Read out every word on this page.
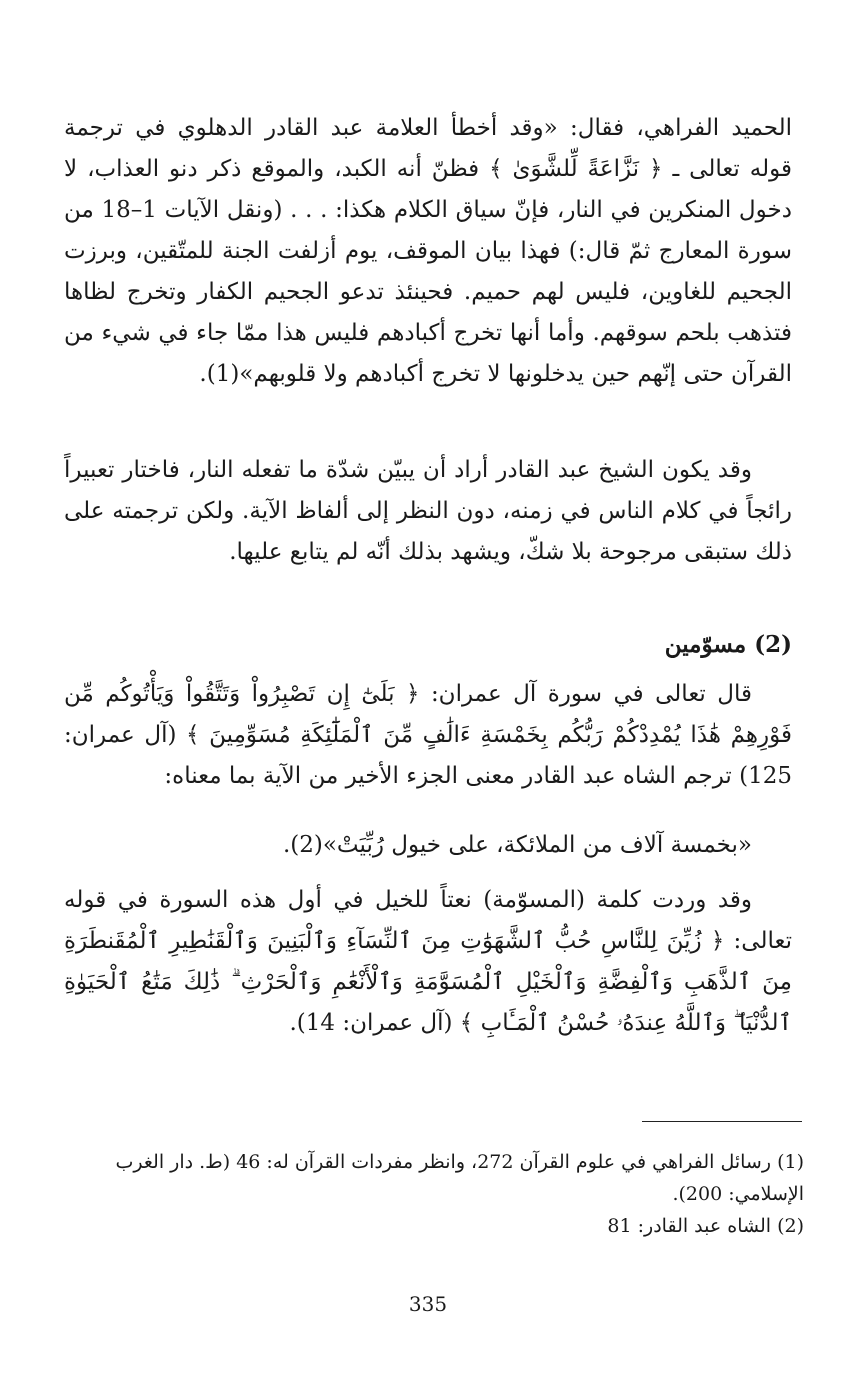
الحميد الفراهي، فقال: «وقد أخطأ العلامة عبد القادر الدهلوي في ترجمة قوله تعالى ـ ﴿ نَزَّاعَةً لِّلشَّوَىٰ ﴾ فظنّ أنه الكبد، والموقع ذكر دنو العذاب، لا دخول المنكرين في النار، فإنّ سياق الكلام هكذا: . . . (ونقل الآيات 1–18 من سورة المعارج ثمّ قال:) فهذا بيان الموقف، يوم أزلفت الجنة للمتّقين، وبرزت الجحيم للغاوين، فليس لهم حميم. فحينئذ تدعو الجحيم الكفار وتخرج لظاها فتذهب بلحم سوقهم. وأما أنها تخرج أكبادهم فليس هذا ممّا جاء في شيء من القرآن حتى إنّهم حين يدخلونها لا تخرج أكبادهم ولا قلوبهم»(1).

وقد يكون الشيخ عبد القادر أراد أن يبيّن شدّة ما تفعله النار، فاختار تعبيراً رائجاً في كلام الناس في زمنه، دون النظر إلى ألفاظ الآية. ولكن ترجمته على ذلك ستبقى مرجوحة بلا شكّ، ويشهد بذلك أنّه لم يتابع عليها.

(2) مسوّمين

قال تعالى في سورة آل عمران: ﴿ بَلَىٰٓ إِن تَصْبِرُواْ وَتَتَّقُواْ وَيَأْتُوكُم مِّن فَوْرِهِمْ هَٰذَا يُمْدِدْكُمْ رَبُّكُم بِخَمْسَةِ ءَالَٰفٍ مِّنَ ٱلْمَلَٰٓئِكَةِ مُسَوِّمِينَ ﴾ (آل عمران: 125) ترجم الشاه عبد القادر معنى الجزء الأخير من الآية بما معناه:

«بخمسة آلاف من الملائكة، على خيول رُبِّيَتْ»(2).

وقد وردت كلمة (المسوّمة) نعتاً للخيل في أول هذه السورة في قوله تعالى: ﴿ زُيِّنَ لِلنَّاسِ حُبُّ ٱلشَّهَوَٰتِ مِنَ ٱلنِّسَآءِ وَٱلْبَنِينَ وَٱلْقَنَٰطِيرِ ٱلْمُقَنطَرَةِ مِنَ ٱلذَّهَبِ وَٱلْفِضَّةِ وَٱلْخَيْلِ ٱلْمُسَوَّمَةِ وَٱلْأَنْعَٰمِ وَٱلْحَرْثِ ۗ ذَٰلِكَ مَتَٰعُ ٱلْحَيَوٰةِ ٱلدُّنْيَا ۖ وَٱللَّهُ عِندَهُۥ حُسْنُ ٱلْمَـَٔابِ ﴾ (آل عمران: 14).

(1) رسائل الفراهي في علوم القرآن 272، وانظر مفردات القرآن له: 46 (ط. دار الغرب الإسلامي: 200).

(2) الشاه عبد القادر: 81

335
